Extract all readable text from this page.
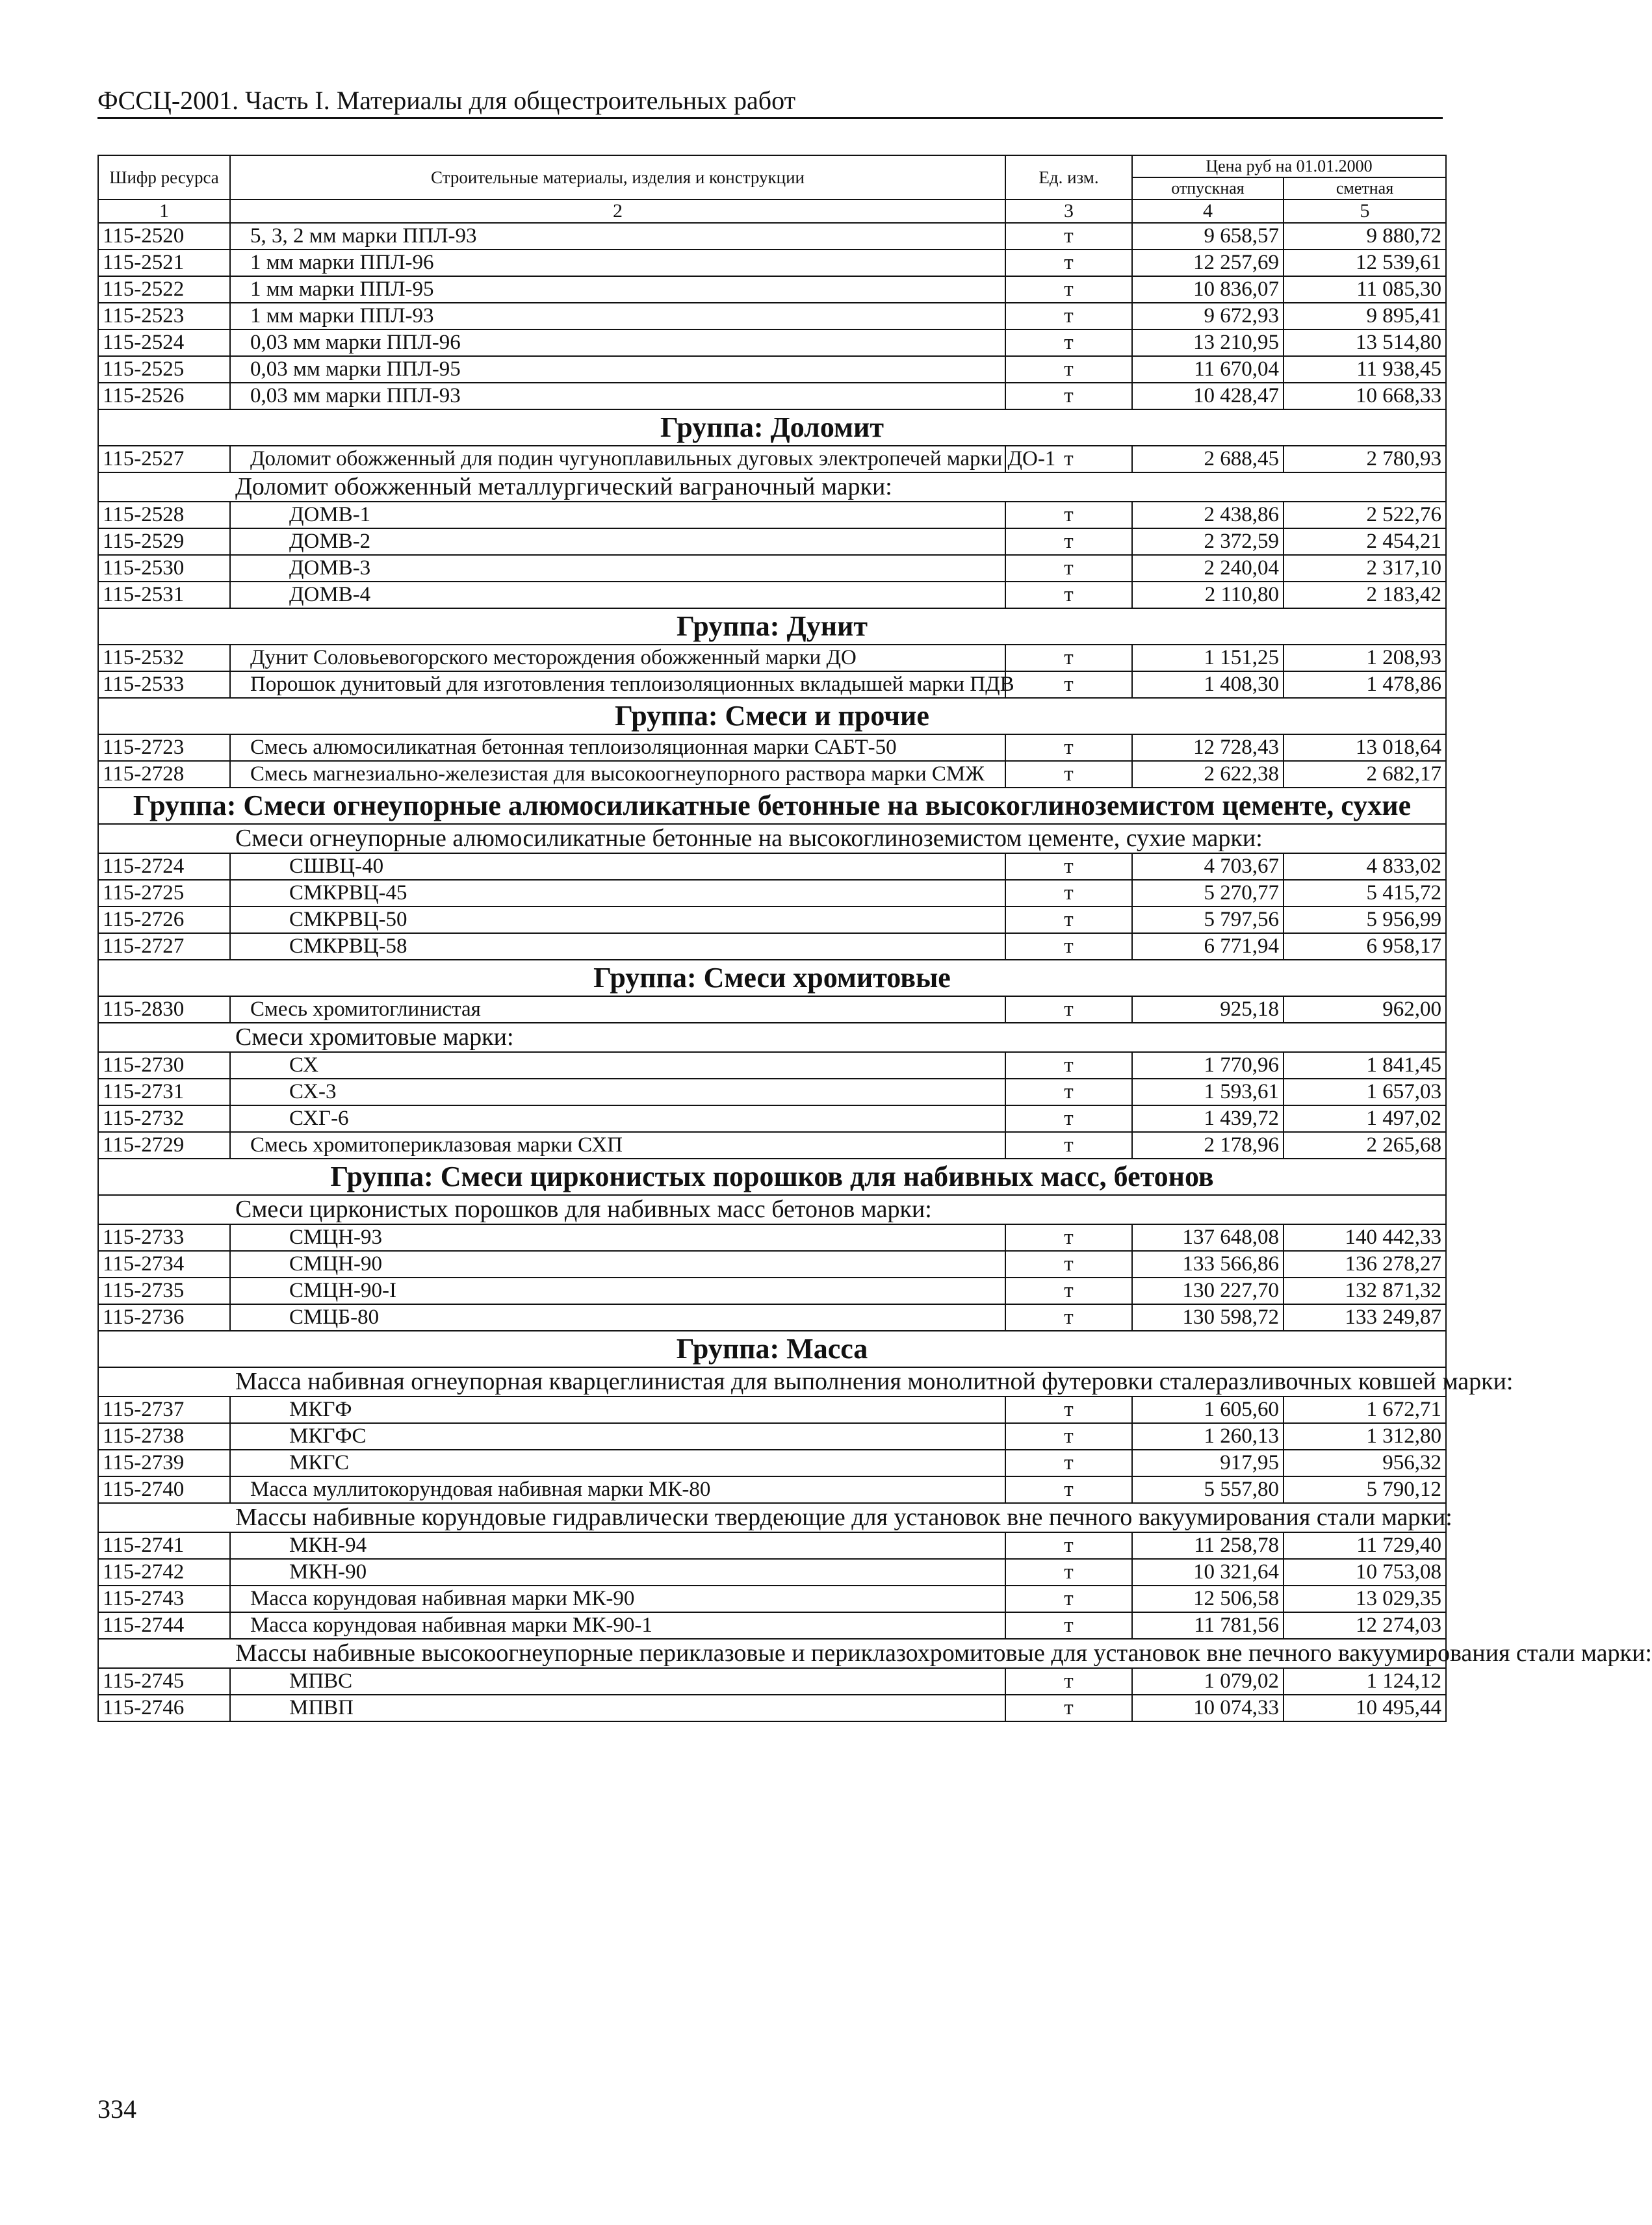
ФССЦ-2001. Часть I. Материалы для общестроительных работ
Шифр ресурса	Строительные материалы, изделия и конструкции	Ед. изм.	Цена руб на 01.01.2000	
			отпускная	сметная
1	2	3	4	5
115-2520	5, 3, 2 мм марки ППЛ-93	т	9 658,57	9 880,72
115-2521	1 мм марки ППЛ-96	т	12 257,69	12 539,61
115-2522	1 мм марки ППЛ-95	т	10 836,07	11 085,30
115-2523	1 мм марки ППЛ-93	т	9 672,93	9 895,41
115-2524	0,03 мм марки ППЛ-96	т	13 210,95	13 514,80
115-2525	0,03 мм марки ППЛ-95	т	11 670,04	11 938,45
115-2526	0,03 мм марки ППЛ-93	т	10 428,47	10 668,33
Группа: Доломит				
115-2527	Доломит обожженный для подин чугуноплавильных дуговых электропечей марки ДО-1	т	2 688,45	2 780,93
	Доломит обожженный металлургический ваграночный марки:			
115-2528	ДОМВ-1	т	2 438,86	2 522,76
115-2529	ДОМВ-2	т	2 372,59	2 454,21
115-2530	ДОМВ-3	т	2 240,04	2 317,10
115-2531	ДОМВ-4	т	2 110,80	2 183,42
Группа: Дунит				
115-2532	Дунит Соловьевогорского месторождения обожженный марки ДО	т	1 151,25	1 208,93
115-2533	Порошок дунитовый для изготовления теплоизоляционных вкладышей марки ПДВ	т	1 408,30	1 478,86
Группа: Смеси и прочие				
115-2723	Смесь алюмосиликатная бетонная теплоизоляционная марки САБТ-50	т	12 728,43	13 018,64
115-2728	Смесь магнезиально-железистая для высокоогнеупорного раствора марки СМЖ	т	2 622,38	2 682,17
Группа: Смеси огнеупорные алюмосиликатные бетонные на высокоглиноземистом цементе, сухие				
	Смеси огнеупорные алюмосиликатные бетонные на высокоглиноземистом цементе, сухие марки:			
115-2724	СШВЦ-40	т	4 703,67	4 833,02
115-2725	СМКРВЦ-45	т	5 270,77	5 415,72
115-2726	СМКРВЦ-50	т	5 797,56	5 956,99
115-2727	СМКРВЦ-58	т	6 771,94	6 958,17
Группа: Смеси хромитовые				
115-2830	Смесь хромитоглинистая	т	925,18	962,00
	Смеси хромитовые марки:			
115-2730	СХ	т	1 770,96	1 841,45
115-2731	СХ-3	т	1 593,61	1 657,03
115-2732	СХГ-6	т	1 439,72	1 497,02
115-2729	Смесь хромитопериклазовая марки СХП	т	2 178,96	2 265,68
Группа: Смеси цирконистых порошков для набивных масс, бетонов				
	Смеси цирконистых порошков для набивных масс бетонов марки:			
115-2733	СМЦН-93	т	137 648,08	140 442,33
115-2734	СМЦН-90	т	133 566,86	136 278,27
115-2735	СМЦН-90-I	т	130 227,70	132 871,32
115-2736	СМЦБ-80	т	130 598,72	133 249,87
Группа: Масса				
	Масса набивная огнеупорная кварцеглинистая для выполнения монолитной футеровки сталеразливочных ковшей марки:			
115-2737	МКГФ	т	1 605,60	1 672,71
115-2738	МКГФС	т	1 260,13	1 312,80
115-2739	МКГС	т	917,95	956,32
115-2740	Масса муллитокорундовая набивная марки МК-80	т	5 557,80	5 790,12
	Массы набивные корундовые гидравлически твердеющие для установок вне печного вакуумирования стали марки:			
115-2741	МКН-94	т	11 258,78	11 729,40
115-2742	МКН-90	т	10 321,64	10 753,08
115-2743	Масса корундовая набивная марки МК-90	т	12 506,58	13 029,35
115-2744	Масса корундовая набивная марки МК-90-1	т	11 781,56	12 274,03
	Массы набивные высокоогнеупорные периклазовые и периклазохромитовые для установок вне печного вакуумирования стали марки:			
115-2745	МПВС	т	1 079,02	1 124,12
115-2746	МПВП	т	10 074,33	10 495,44
334
